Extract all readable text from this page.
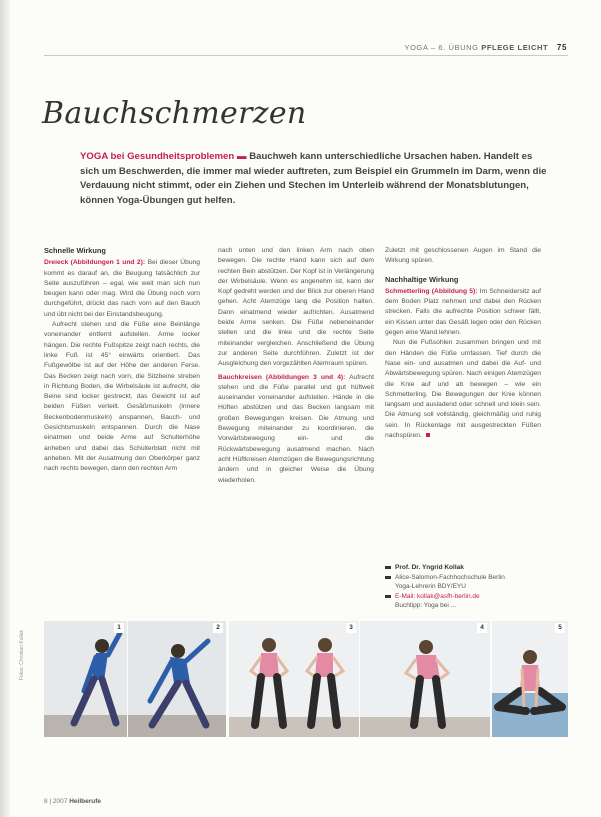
YOGA – 6. ÜBUNG PFLEGE LEICHT 75
Bauchschmerzen
YOGA bei Gesundheitsproblemen ▬ Bauchweh kann unterschiedliche Ursachen haben. Handelt es sich um Beschwerden, die immer mal wieder auftreten, zum Beispiel ein Grummeln im Darm, wenn die Verdauung nicht stimmt, oder ein Ziehen und Stechen im Unterleib während der Monatsblutungen, können Yoga-Übungen gut helfen.
Schnelle Wirkung

Dreieck (Abbildungen 1 und 2): Bei dieser Übung kommt es darauf an, die Beugung tatsächlich zur Seite auszuführen – egal, wie weit man sich nun beugen kann oder mag. Wird die Übung noch vorn durchgeführt, drückt das nach vorn auf den Bauch und übt nicht bei der Einstandsbeugung.

Aufrecht stehen und die Füße eine Beinlänge voneinander entfernt aufstellen. Arme locker hängen. Die rechte Fußspitze zeigt nach rechts, die linke Fuß ist 45° einwärts orientiert. Das Fußgewölbe ist auf der Höhe der anderen Ferse. Das Becken zeigt nach vorn, die Sitzbeine streben in Richtung Boden, die Wirbelsäule ist aufrecht, die Beine sind locker gestreckt, das Gewicht ist auf beiden Füßen verteilt. Gesäßmuskeln (innere Beckenbodenmuskeln) anspannen, Bauch- und Gesichtsmuskeln entspannen. Durch die Nase einatmen und beide Arme auf Schulterhöhe anheben und dabei das Schulterblatt nicht mit anheben. Mit der Ausatmung den Oberkörper ganz nach rechts bewegen, dann den rechten Arm

nach unten und den linken Arm nach oben bewegen. Die rechte Hand kann sich auf dem rechten Bein abstützen. Der Kopf ist in Verlängerung der Wirbelsäule. Wenn es angenehm ist, kann der Kopf gedreht werden und der Blick zur oberen Hand gehen. Acht Atemzüge lang die Position halten. Dann einatmend wieder aufrichten. Ausatmend beide Arme senken. Die Füße nebeneinander stellen und die linke und die rechte Seite miteinander vergleichen. Anschließend die Übung zur anderen Seite durchführen. Zuletzt ist der Ausgleichung den vorgezählten Atemraum spüren.

Bauchkreisen (Abbildungen 3 und 4): Aufrecht stehen und die Füße parallel und gut hüftweit auseinander voneinander aufstellen. Hände in die Hüften abstützen und das Becken langsam mit großen Bewegungen kreisen. Die Atmung und Bewegung miteinander zu koordinieren, die Vorwärtsbewegung ein- und die Rückwärtsbewegung ausatmend machen. Nach acht Hüftkreisen Atemzügen die Bewegungsrichtung ändern und in gleicher Weise die Übung wiederholen.

Zuletzt mit geschlossenen Augen im Stand die Wirkung spüren.

Nachhaltige Wirkung

Schmetterling (Abbildung 5): Im Schneidersitz auf dem Boden Platz nehmen und dabei den Rücken strecken. Falls die aufrechte Position schwer fällt, ein Kissen unter das Gesäß legen oder den Rücken gegen eine Wand lehnen.

Nun die Fußsohlen zusammen bringen und mit den Händen die Füße umfassen. Tief durch die Nase ein- und ausatmen und dabei die Auf- und Abwärtsbewegung spüren. Nach einigen Atemzügen die Knie auf und ab bewegen – wie ein Schmetterling. Die Bewegungen der Knie können langsam und ausladend oder schnell und klein sein. Die Atmung soll vollständig, gleichmäßig und ruhig sein. In Rückenlage mit ausgestreckten Füßen nachspüren.

Prof. Dr. Yngrid Kollak
Alice-Salomon-Fachhochschule Berlin
Yoga-Lehrerin BDY/EYU
E-Mail: kollak@asfh-berlin.de
Buchtipp: Yoga bei ...
1	2	3	4	5
Fotos: Christian Kollak
8 | 2007 Heilberufe
